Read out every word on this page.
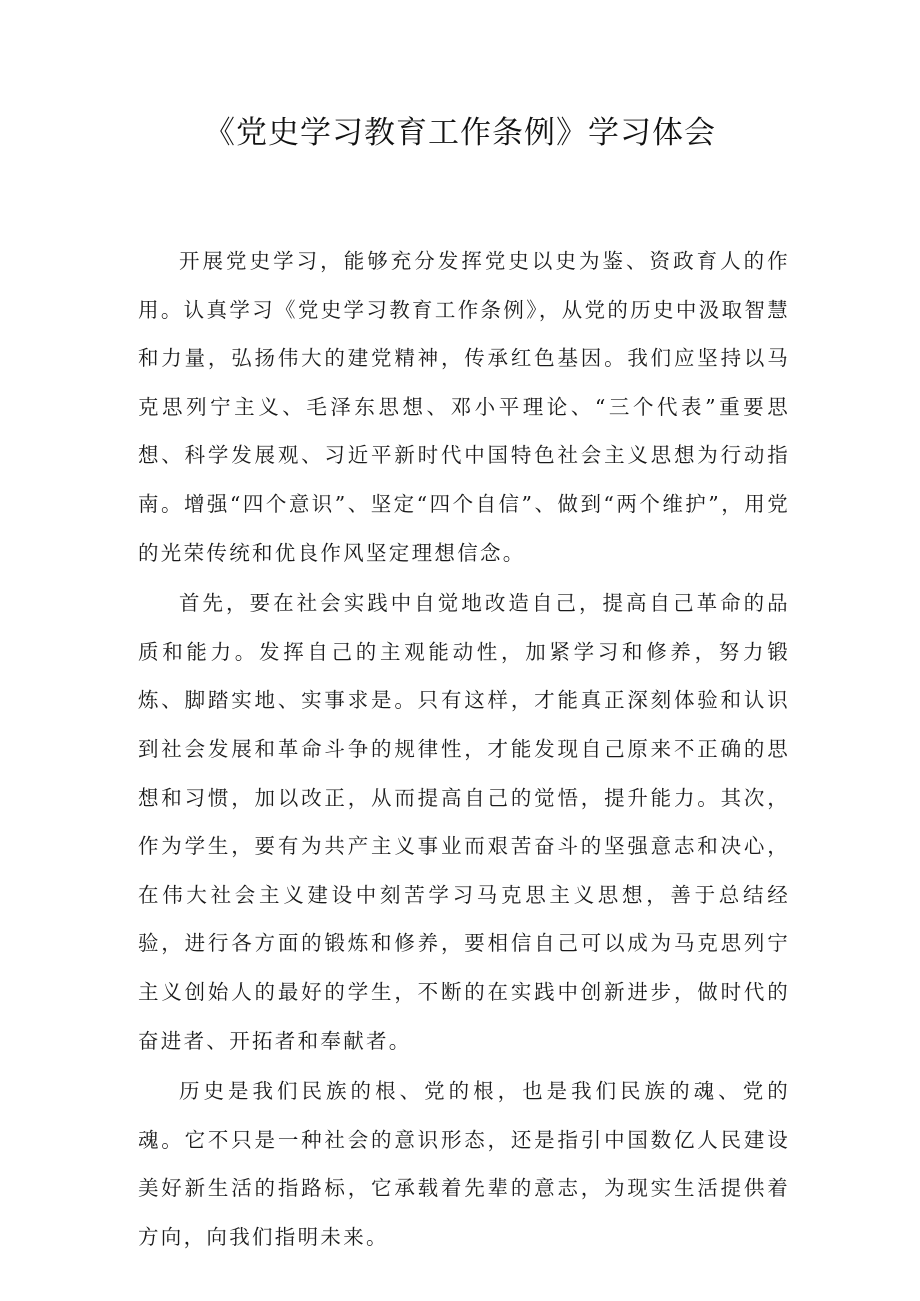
《党史学习教育工作条例》学习体会

开展党史学习，能够充分发挥党史以史为鉴、资政育人的作用。认真学习《党史学习教育工作条例》，从党的历史中汲取智慧和力量，弘扬伟大的建党精神，传承红色基因。我们应坚持以马克思列宁主义、毛泽东思想、邓小平理论、“三个代表”重要思想、科学发展观、习近平新时代中国特色社会主义思想为行动指南。增强“四个意识”、坚定“四个自信”、做到“两个维护”，用党的光荣传统和优良作风坚定理想信念。

首先，要在社会实践中自觉地改造自己，提高自己革命的品质和能力。发挥自己的主观能动性，加紧学习和修养，努力锻炼、脚踏实地、实事求是。只有这样，才能真正深刻体验和认识到社会发展和革命斗争的规律性，才能发现自己原来不正确的思想和习惯，加以改正，从而提高自己的觉悟，提升能力。其次，作为学生，要有为共产主义事业而艰苦奋斗的坚强意志和决心，在伟大社会主义建设中刻苦学习马克思主义思想，善于总结经验，进行各方面的锻炼和修养，要相信自己可以成为马克思列宁主义创始人的最好的学生，不断的在实践中创新进步，做时代的奋进者、开拓者和奉献者。

历史是我们民族的根、党的根，也是我们民族的魂、党的魂。它不只是一种社会的意识形态，还是指引中国数亿人民建设美好新生活的指路标，它承载着先辈的意志，为现实生活提供着方向，向我们指明未来。
